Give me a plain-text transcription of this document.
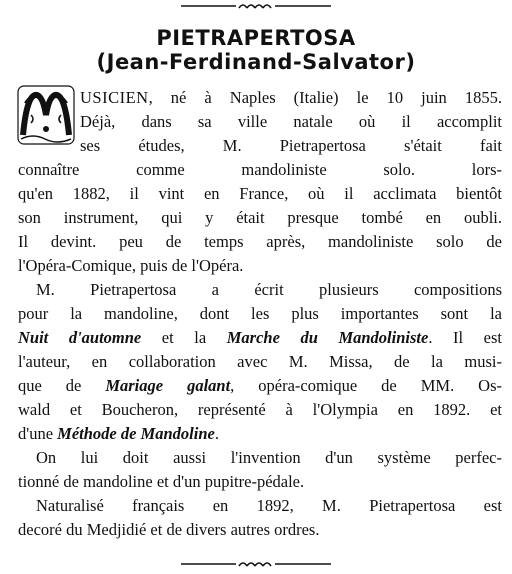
PIETRAPERTOSA
(Jean-Ferdinand-Salvator)
USICIEN, né à Naples (Italie) le 10 juin 1855.
Déjà, dans sa ville natale où il accomplit
ses études, M. Pietrapertosa s'était fait
connaître comme mandoliniste solo. lors-
qu'en 1882, il vint en France, où il acclimata bientôt
son instrument, qui y était presque tombé en oubli.
Il devint. peu de temps après, mandoliniste solo de
l'Opéra-Comique, puis de l'Opéra.
M. Pietrapertosa a écrit plusieurs compositions
pour la mandoline, dont les plus importantes sont la
Nuit d'automne et la Marche du Mandoliniste. Il est
l'auteur, en collaboration avec M. Missa, de la musi-
que de Mariage galant, opéra-comique de MM. Os-
wald et Boucheron, représenté à l'Olympia en 1892. et
d'une Méthode de Mandoline.
On lui doit aussi l'invention d'un système perfec-
tionné de mandoline et d'un pupitre-pédale.
Naturalisé français en 1892, M. Pietrapertosa est
decoré du Medjidié et de divers autres ordres.
